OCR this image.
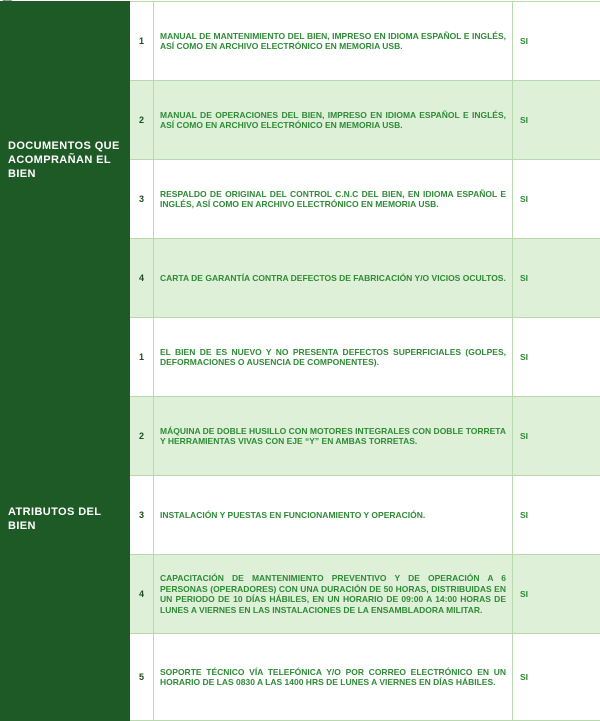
DOCUMENTOS QUE ACOMPRAÑAN EL BIEN	1	MANUAL DE MANTENIMIENTO DEL BIEN, IMPRESO EN IDIOMA ESPAÑOL E INGLÉS, ASÍ COMO EN ARCHIVO ELECTRÓNICO EN MEMORIA USB.	SI
	2	MANUAL DE OPERACIONES DEL BIEN, IMPRESO EN IDIOMA ESPAÑOL E INGLÉS, ASÍ COMO EN ARCHIVO ELECTRÓNICO EN MEMORIA USB.	SI
	3	RESPALDO DE ORIGINAL DEL CONTROL C.N.C DEL BIEN, EN IDIOMA ESPAÑOL E INGLÉS, ASÍ COMO EN ARCHIVO ELECTRÓNICO EN MEMORIA USB.	SI
	4	CARTA DE GARANTÍA CONTRA DEFECTOS DE FABRICACIÓN Y/O VICIOS OCULTOS.	SI
ATRIBUTOS DEL BIEN	1	EL BIEN DE ES NUEVO Y NO PRESENTA DEFECTOS SUPERFICIALES (GOLPES, DEFORMACIONES O AUSENCIA DE COMPONENTES).	SI
	2	MÁQUINA DE DOBLE HUSILLO CON MOTORES INTEGRALES CON DOBLE TORRETA Y HERRAMIENTAS VIVAS CON EJE “Y” EN AMBAS TORRETAS.	SI
	3	INSTALACIÓN Y PUESTAS EN FUNCIONAMIENTO Y OPERACIÓN.	SI
	4	CAPACITACIÓN DE MANTENIMIENTO PREVENTIVO Y DE OPERACIÓN A 6 PERSONAS (OPERADORES) CON UNA DURACIÓN DE 50 HORAS, DISTRIBUIDAS EN UN PERIODO DE 10 DÍAS HÁBILES, EN UN HORARIO DE 09:00 A 14:00 HORAS DE LUNES A VIERNES EN LAS INSTALACIONES DE LA ENSAMBLADORA MILITAR.	SI
	5	SOPORTE TÉCNICO VÍA TELEFÓNICA Y/O POR CORREO ELECTRÓNICO EN UN HORARIO DE LAS 0830 A LAS 1400 HRS DE LUNES A VIERNES EN DÍAS HÁBILES.	SI
